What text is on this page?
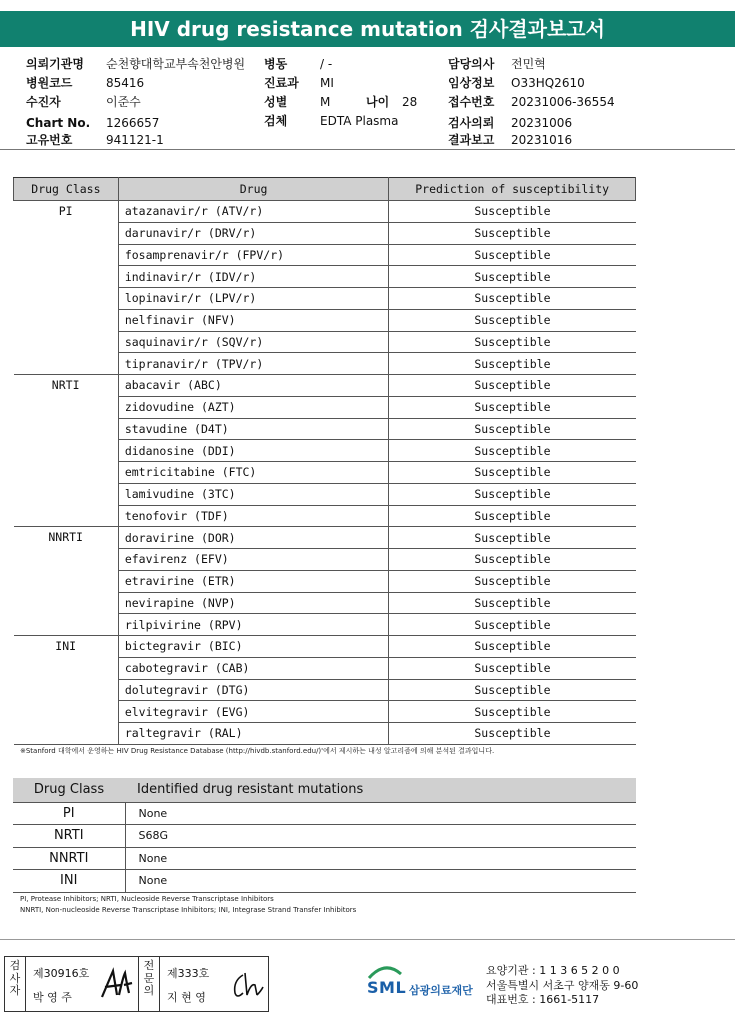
HIV drug resistance mutation 검사결과보고서
의뢰기관명 순천향대학교부속천안병원
병원코드	85416
수진자	이준수
Chart No. 1266657
고유번호	941121-1
병동	/ -
진료과 MI
성별	M	나이 28
검체	EDTA Plasma
담당의사 전민혁
임상정보 O33HQ2610
접수번호 20231006-36554
검사의뢰 20231006
결과보고 20231016
Drug Class	Drug	Prediction of susceptibility
PI	atazanavir/r (ATV/r)	Susceptible
	darunavir/r (DRV/r)	Susceptible
	fosamprenavir/r (FPV/r)	Susceptible
	indinavir/r (IDV/r)	Susceptible
	lopinavir/r (LPV/r)	Susceptible
	nelfinavir (NFV)	Susceptible
	saquinavir/r (SQV/r)	Susceptible
	tipranavir/r (TPV/r)	Susceptible
NRTI	abacavir (ABC)	Susceptible
	zidovudine (AZT)	Susceptible
	stavudine (D4T)	Susceptible
	didanosine (DDI)	Susceptible
	emtricitabine (FTC)	Susceptible
	lamivudine (3TC)	Susceptible
	tenofovir (TDF)	Susceptible
NNRTI	doravirine (DOR)	Susceptible
	efavirenz (EFV)	Susceptible
	etravirine (ETR)	Susceptible
	nevirapine (NVP)	Susceptible
	rilpivirine (RPV)	Susceptible
INI	bictegravir (BIC)	Susceptible
	cabotegravir (CAB)	Susceptible
	dolutegravir (DTG)	Susceptible
	elvitegravir (EVG)	Susceptible
	raltegravir (RAL)	Susceptible
※Stanford 대학에서 운영하는 HIV Drug Resistance Database (http://hivdb.stanford.edu/)'에서 제시하는 내성 알고리즘에 의해 분석된 결과입니다.
Drug Class	Identified drug resistant mutations
PI	None
NRTI	S68G
NNRTI	None
INI	None
PI, Protease Inhibitors; NRTI, Nucleoside Reverse Transcriptase Inhibitors
NNRTI, Non-nucleoside Reverse Transcriptase Inhibitors; INI, Integrase Strand Transfer Inhibitors
검
사
자
제30916호
박 영 주
전
문
의
제333호
지 현 영
SML 삼광의료재단
요양기관 : 1 1 3 6 5 2 0 0
서울특별시 서초구 양재동 9-60
대표번호 : 1661-5117
